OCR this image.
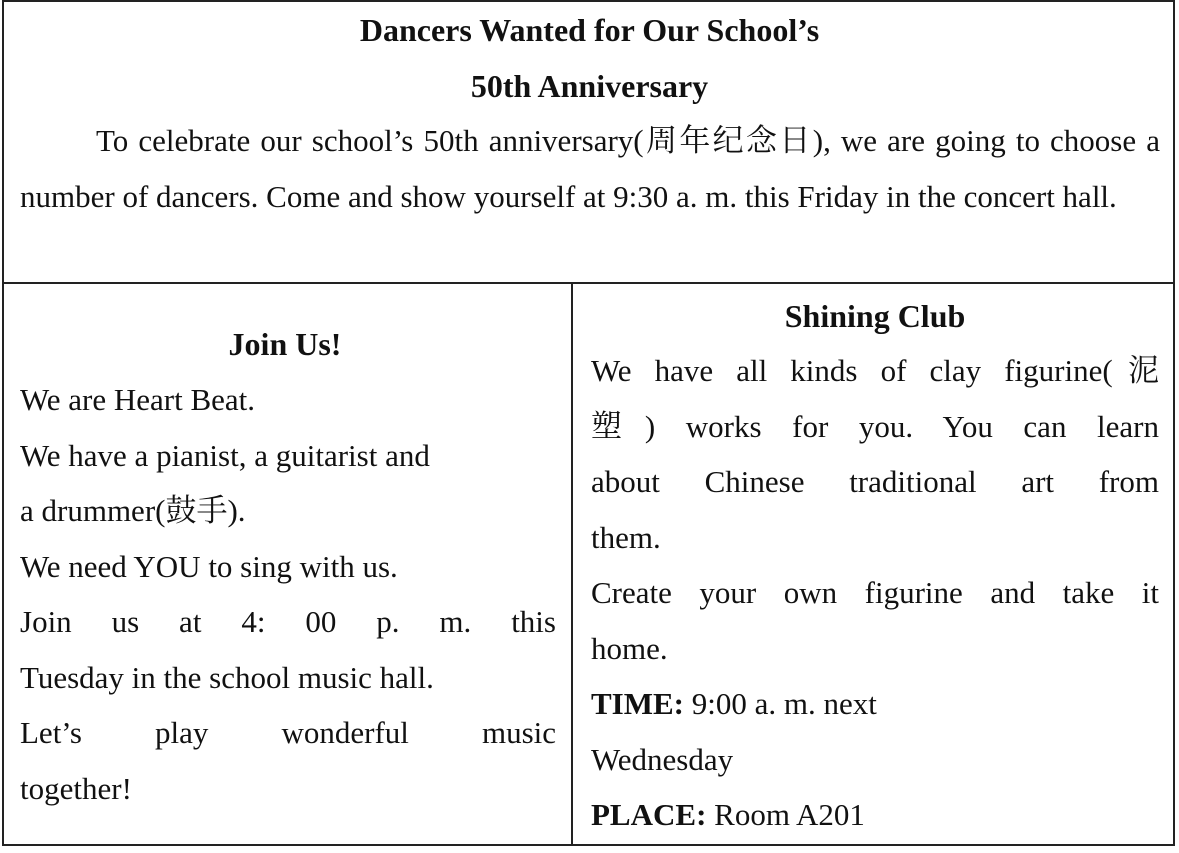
Dancers Wanted for Our School’s
50th Anniversary
To celebrate our school’s 50th anniversary(周年纪念日), we are going to choose a number of dancers. Come and show yourself at 9:30 a. m. this Friday in the concert hall.
Join Us!
We are Heart Beat.
We have a pianist, a guitarist and
a drummer(鼓手).
We need YOU to sing with us.
Join us at 4: 00 p. m. this
Tuesday in the school music hall.
Let’s play wonderful music
together!
Shining Club
We have all kinds of clay figurine(泥
塑) works for you. You can learn
about Chinese traditional art from
them.
Create your own figurine and take it
home.
TIME: 9:00 a. m. next
Wednesday
PLACE: Room A201
